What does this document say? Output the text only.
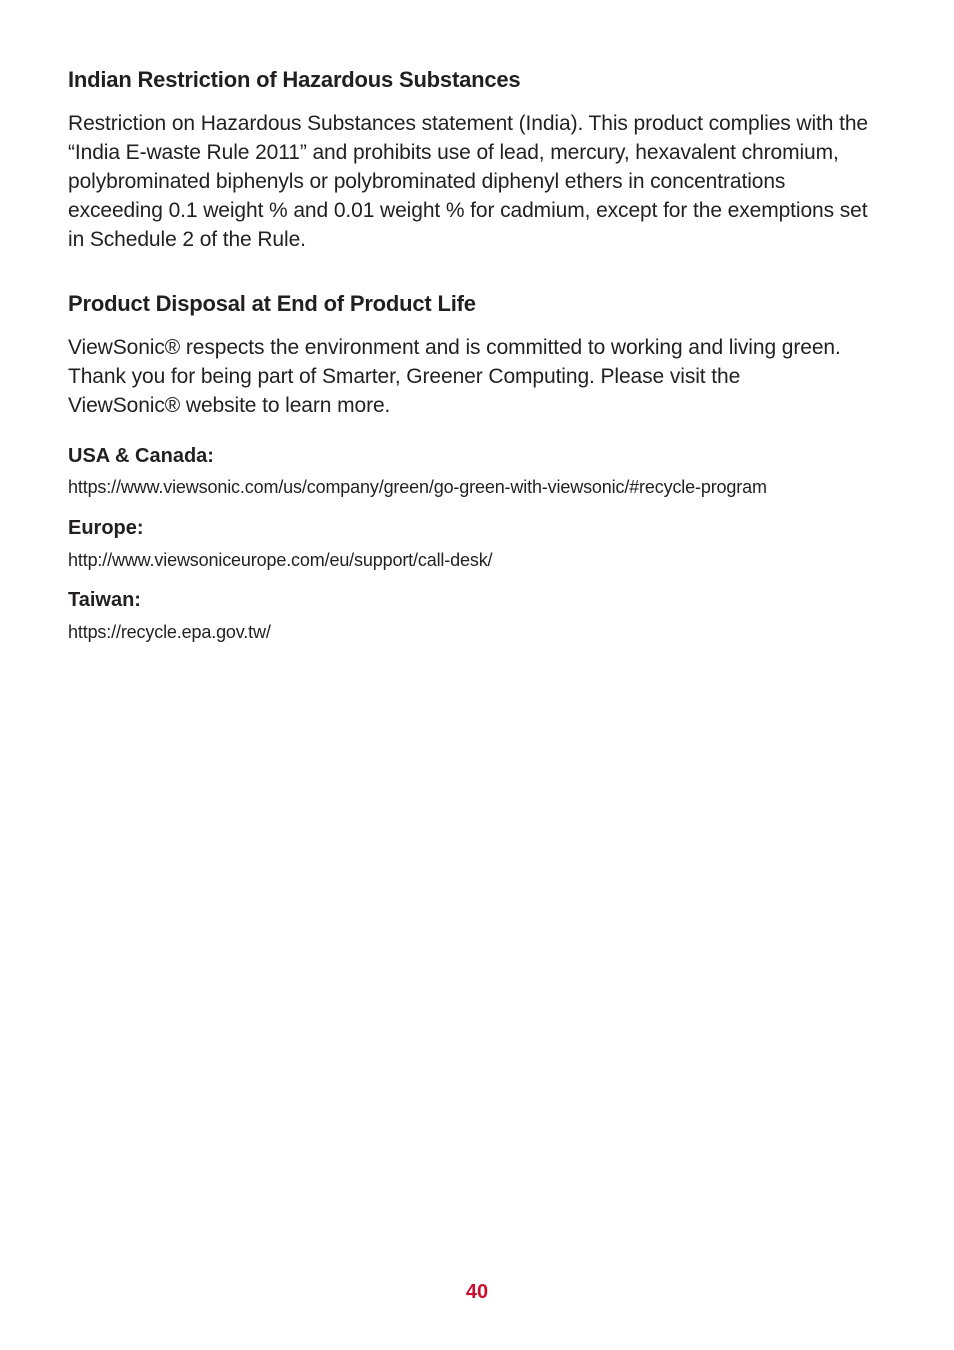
Indian Restriction of Hazardous Substances

Restriction on Hazardous Substances statement (India). This product complies with the “India E-waste Rule 2011” and prohibits use of lead, mercury, hexavalent chromium, polybrominated biphenyls or polybrominated diphenyl ethers in concentrations exceeding 0.1 weight % and 0.01 weight % for cadmium, except for the exemptions set in Schedule 2 of the Rule.

Product Disposal at End of Product Life

ViewSonic® respects the environment and is committed to working and living green. Thank you for being part of Smarter, Greener Computing. Please visit the ViewSonic® website to learn more.

USA & Canada:
https://www.viewsonic.com/us/company/green/go-green-with-viewsonic/#recycle-program
Europe:
http://www.viewsoniceurope.com/eu/support/call-desk/
Taiwan:
https://recycle.epa.gov.tw/
40
